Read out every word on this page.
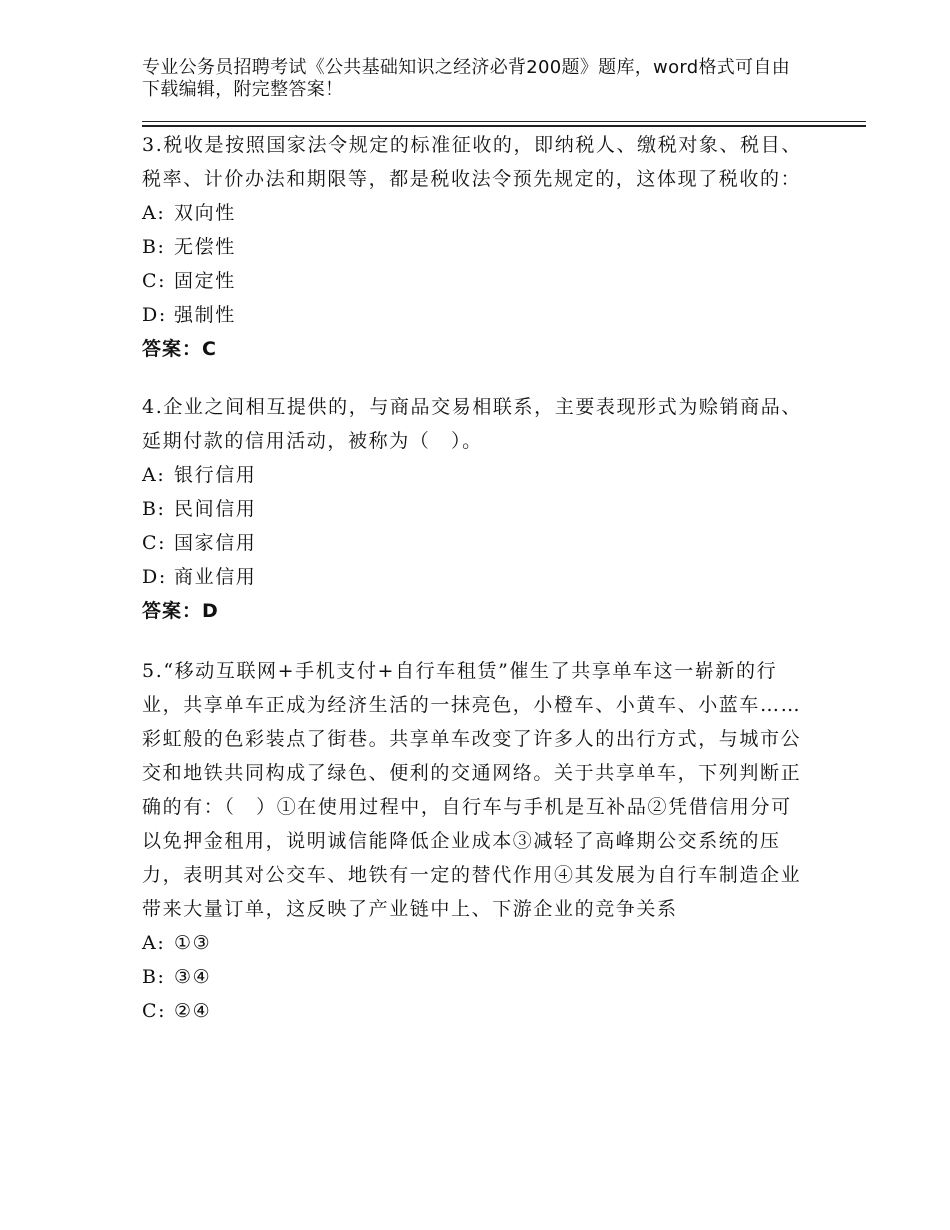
专业公务员招聘考试《公共基础知识之经济必背200题》题库，word格式可自由下载编辑，附完整答案！

3.税收是按照国家法令规定的标准征收的，即纳税人、缴税对象、税目、税率、计价办法和期限等，都是税收法令预先规定的，这体现了税收的：

A: 双向性

B: 无偿性

C: 固定性

D: 强制性

答案：C

4.企业之间相互提供的，与商品交易相联系，主要表现形式为赊销商品、延期付款的信用活动，被称为（　）。

A: 银行信用

B: 民间信用

C: 国家信用

D: 商业信用

答案：D

5.“移动互联网+手机支付+自行车租赁”催生了共享单车这一崭新的行业，共享单车正成为经济生活的一抹亮色，小橙车、小黄车、小蓝车……彩虹般的色彩装点了街巷。共享单车改变了许多人的出行方式，与城市公交和地铁共同构成了绿色、便利的交通网络。关于共享单车，下列判断正确的有：（　）①在使用过程中，自行车与手机是互补品②凭借信用分可以免押金租用，说明诚信能降低企业成本③减轻了高峰期公交系统的压力，表明其对公交车、地铁有一定的替代作用④其发展为自行车制造企业带来大量订单，这反映了产业链中上、下游企业的竞争关系

A: ①③

B: ③④

C: ②④
